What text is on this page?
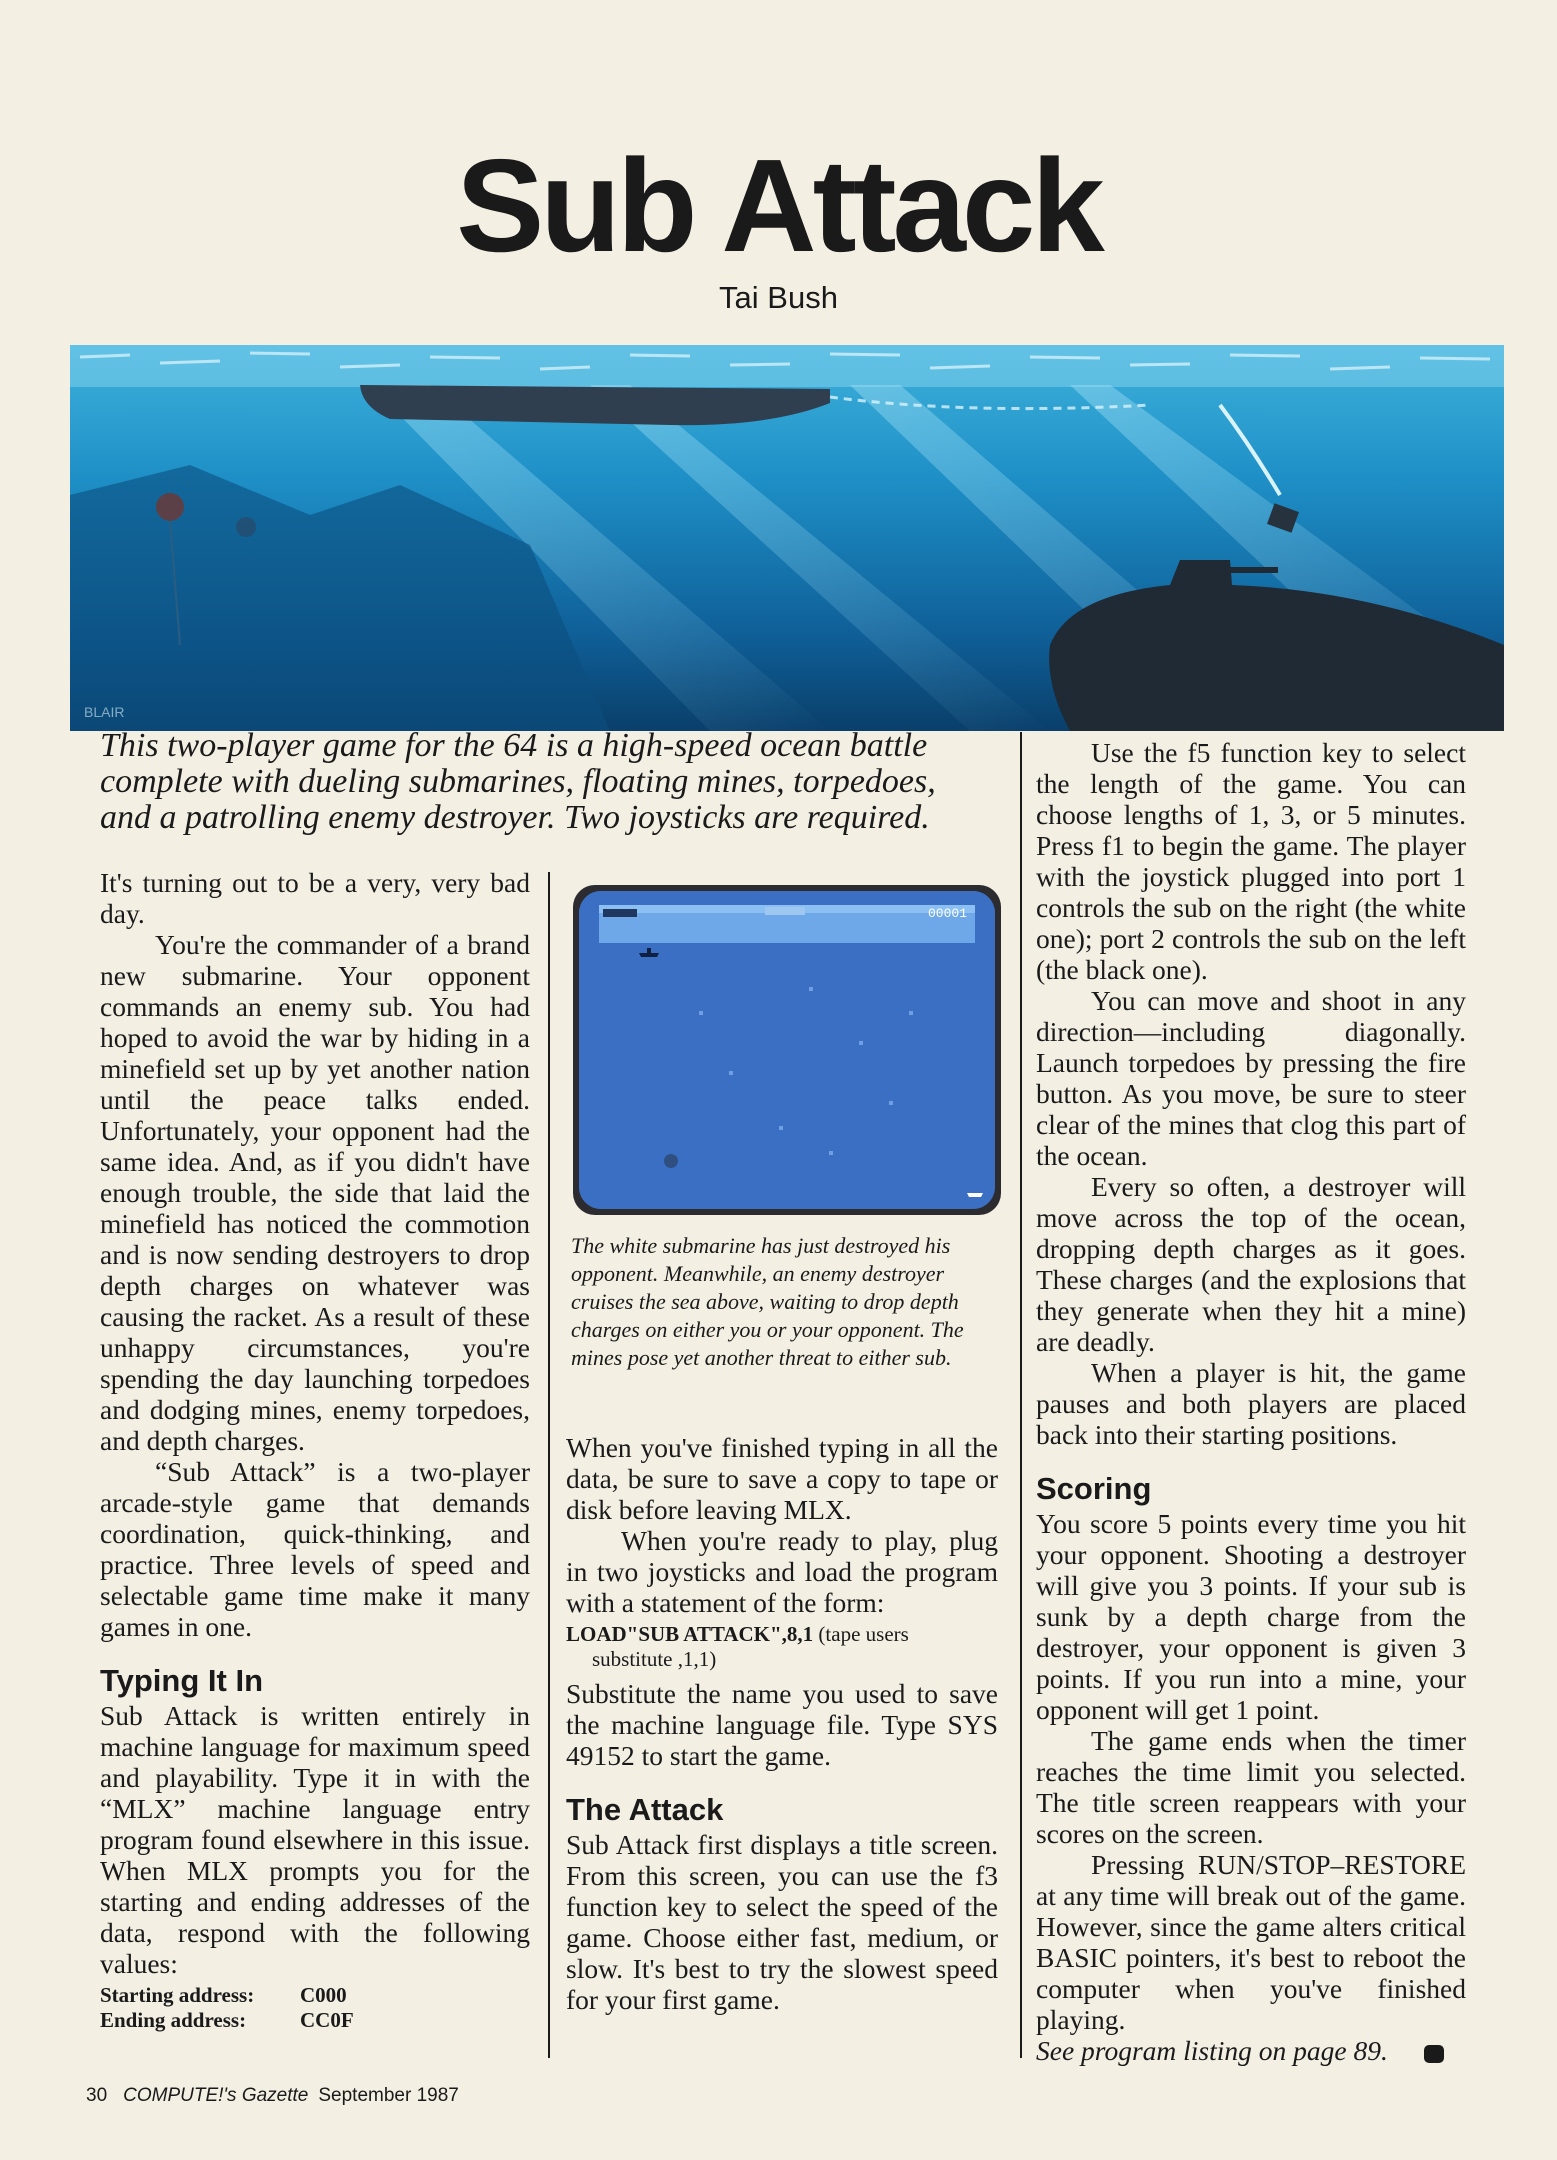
Sub Attack
Tai Bush
BLAIR
This two-player game for the 64 is a high-speed ocean battle complete with dueling submarines, floating mines, torpedoes, and a patrolling enemy destroyer. Two joysticks are required.

It's turning out to be a very, very bad day.

You're the commander of a brand new submarine. Your opponent commands an enemy sub. You had hoped to avoid the war by hiding in a minefield set up by yet another nation until the peace talks ended. Unfortunately, your opponent had the same idea. And, as if you didn't have enough trouble, the side that laid the minefield has noticed the commotion and is now sending destroyers to drop depth charges on whatever was causing the racket. As a result of these unhappy circumstances, you're spending the day launching torpedoes and dodging mines, enemy torpedoes, and depth charges.

“Sub Attack” is a two-player arcade-style game that demands coordination, quick-thinking, and practice. Three levels of speed and selectable game time make it many games in one.

Typing It In

Sub Attack is written entirely in machine language for maximum speed and playability. Type it in with the “MLX” machine language entry program found elsewhere in this issue. When MLX prompts you for the starting and ending addresses of the data, respond with the following values:

Starting address:	C000
Ending address:	CC0F
00001
The white submarine has just destroyed his opponent. Meanwhile, an enemy destroyer cruises the sea above, waiting to drop depth charges on either you or your opponent. The mines pose yet another threat to either sub.

When you've finished typing in all the data, be sure to save a copy to tape or disk before leaving MLX.

When you're ready to play, plug in two joysticks and load the program with a statement of the form:

LOAD"SUB ATTACK",8,1 (tape users
substitute ,1,1)

Substitute the name you used to save the machine language file. Type SYS 49152 to start the game.

The Attack

Sub Attack first displays a title screen. From this screen, you can use the f3 function key to select the speed of the game. Choose either fast, medium, or slow. It's best to try the slowest speed for your first game.

Use the f5 function key to select the length of the game. You can choose lengths of 1, 3, or 5 minutes. Press f1 to begin the game. The player with the joystick plugged into port 1 controls the sub on the right (the white one); port 2 controls the sub on the left (the black one).

You can move and shoot in any direction—including diagonally. Launch torpedoes by pressing the fire button. As you move, be sure to steer clear of the mines that clog this part of the ocean.

Every so often, a destroyer will move across the top of the ocean, dropping depth charges as it goes. These charges (and the explosions that they generate when they hit a mine) are deadly.

When a player is hit, the game pauses and both players are placed back into their starting positions.

Scoring

You score 5 points every time you hit your opponent. Shooting a destroyer will give you 3 points. If your sub is sunk by a depth charge from the destroyer, your opponent is given 3 points. If you run into a mine, your opponent will get 1 point.

The game ends when the timer reaches the time limit you selected. The title screen reappears with your scores on the screen.

Pressing RUN/STOP–RESTORE at any time will break out of the game. However, since the game alters critical BASIC pointers, it's best to reboot the computer when you've finished playing.

See program listing on page 89.

30 COMPUTE!'s Gazette September 1987
